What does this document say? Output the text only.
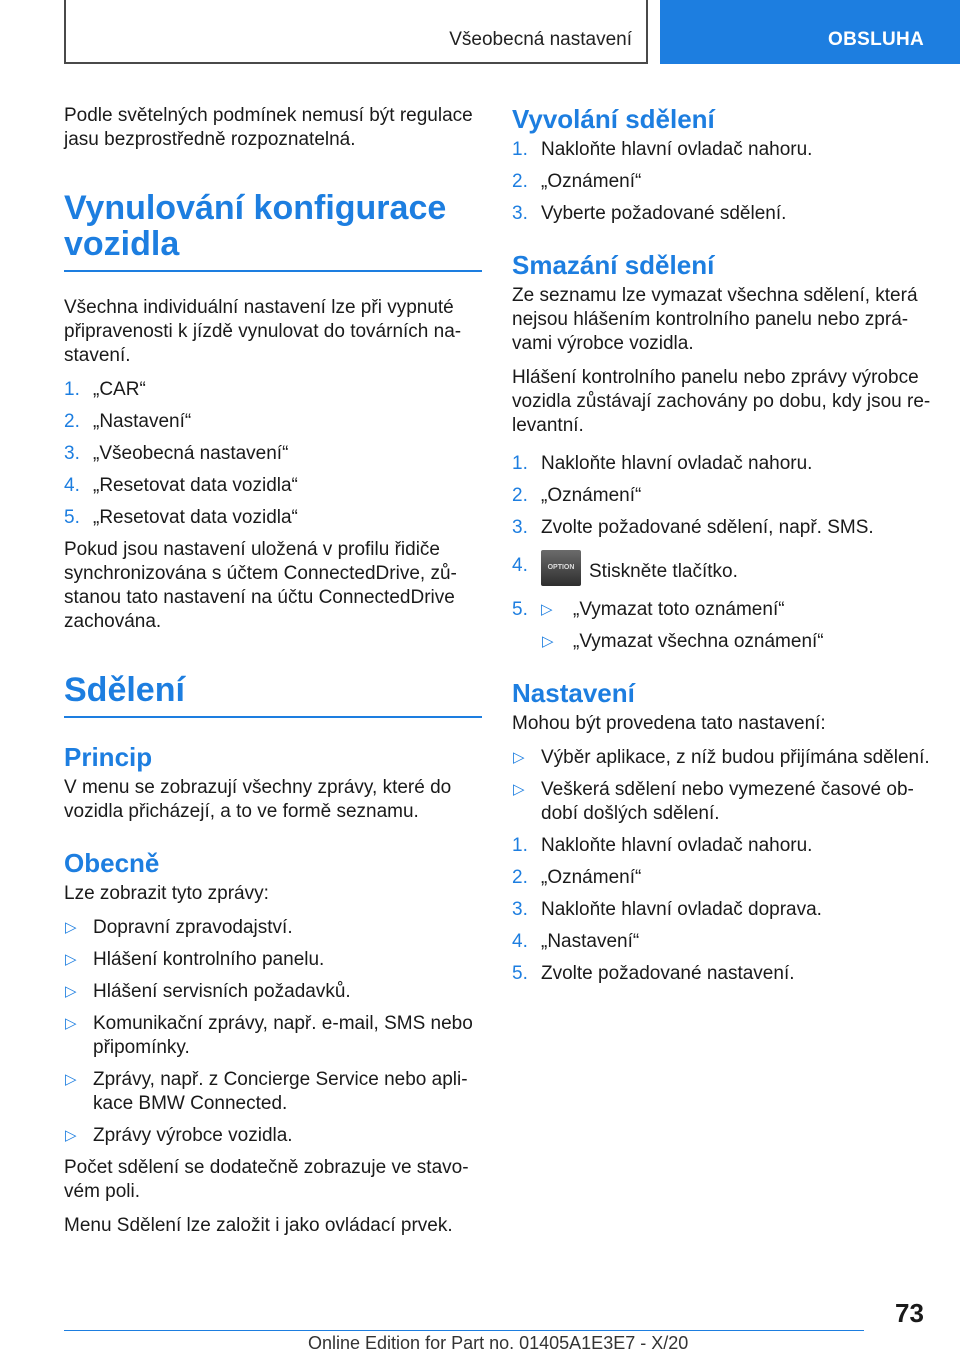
Všeobecná nastavení	OBSLUHA

Podle světelných podmínek nemusí být regulace jasu bezprostředně rozpoznatelná.

Vynulování konfigurace vozidla

Všechna individuální nastavení lze při vypnuté připravenosti k jízdě vynulovat do továrních na-stavení.

1. „CAR“
2. „Nastavení“
3. „Všeobecná nastavení“
4. „Resetovat data vozidla“
5. „Resetovat data vozidla“

Pokud jsou nastavení uložená v profilu řidiče synchronizována s účtem ConnectedDrive, zů-stanou tato nastavení na účtu ConnectedDrive zachována.

Sdělení
Princip

V menu se zobrazují všechny zprávy, které do vozidla přicházejí, a to ve formě seznamu.

Obecně

Lze zobrazit tyto zprávy:

▷ Dopravní zpravodajství.
▷ Hlášení kontrolního panelu.
▷ Hlášení servisních požadavků.
▷ Komunikační zprávy, např. e-mail, SMS nebo připomínky.
▷ Zprávy, např. z Concierge Service nebo apli-kace BMW Connected.
▷ Zprávy výrobce vozidla.

Počet sdělení se dodatečně zobrazuje ve stavo-vém poli.

Menu Sdělení lze založit i jako ovládací prvek.

Vyvolání sdělení
1. Nakloňte hlavní ovladač nahoru.
2. „Oznámení“
3. Vyberte požadované sdělení.
Smazání sdělení

Ze seznamu lze vymazat všechna sdělení, která nejsou hlášením kontrolního panelu nebo zprá-vami výrobce vozidla.

Hlášení kontrolního panelu nebo zprávy výrobce vozidla zůstávají zachovány po dobu, kdy jsou re-levantní.

1. Nakloňte hlavní ovladač nahoru.
2. „Oznámení“
3. Zvolte požadované sdělení, např. SMS.
4.	OPTION Stiskněte tlačítko.
5. ▷ „Vymazat toto oznámení“
▷ „Vymazat všechna oznámení“
Nastavení

Mohou být provedena tato nastavení:

▷ Výběr aplikace, z níž budou přijímána sdělení.
▷ Veškerá sdělení nebo vymezené časové ob-dobí došlých sdělení.
1. Nakloňte hlavní ovladač nahoru.
2. „Oznámení“
3. Nakloňte hlavní ovladač doprava.
4. „Nastavení“
5. Zvolte požadované nastavení.
73
Online Edition for Part no. 01405A1E3E7 - X/20
